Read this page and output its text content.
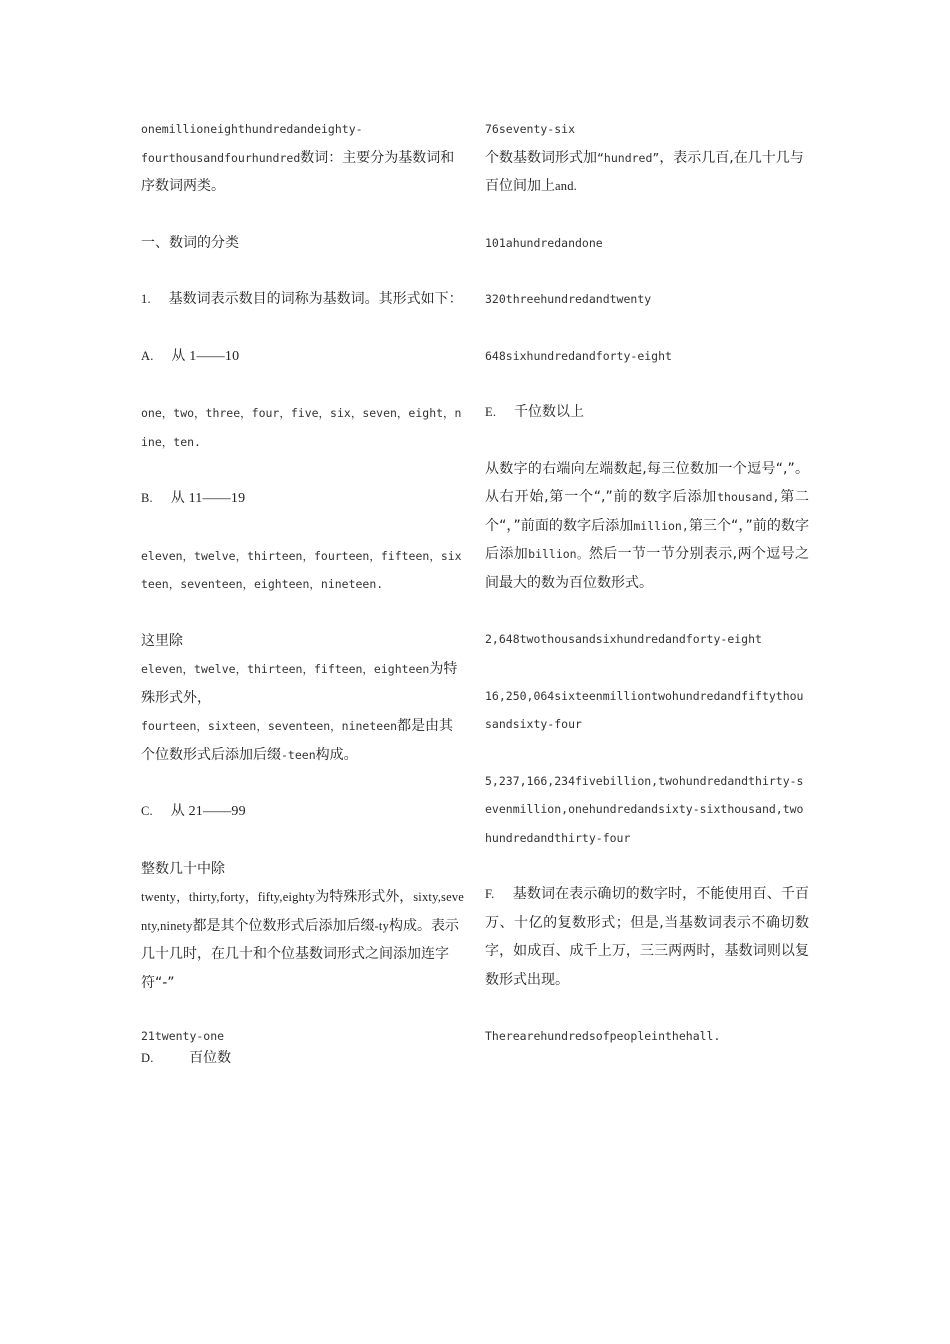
onemillioneighthundredandeighty-
fourthousandfourhundred数词：主要分为基数词和序数词两类。

一、数词的分类

1. 基数词表示数目的词称为基数词。其形式如下：

A. 从 1——10

one，two，three，four，five，six，seven，eight，nine，ten.

B. 从 11——19

eleven，twelve，thirteen，fourteen，fifteen，sixteen，seventeen，eighteen，nineteen.

这里除
eleven，twelve，thirteen，fifteen，eighteen为特殊形式外，
fourteen，sixteen，seventeen，nineteen都是由其个位数形式后添加后缀-teen构成。

C. 从 21——99

整数几十中除
twenty，thirty,forty，fifty,eighty为特殊形式外，sixty,seventy,ninety都是其个位数形式后添加后缀-ty构成。表示几十几时，在几十和个位基数词形式之间添加连字符“-”

21twenty-one

D.	百位数

76seventy-six
个数基数词形式加“hundred”，表示几百,在几十几与百位间加上and.

101ahundredandone

320threehundredandtwenty

648sixhundredandforty-eight

E. 千位数以上

从数字的右端向左端数起,每三位数加一个逗号“,”。从右开始,第一个“,”前的数字后添加thousand,第二个“，”前面的数字后添加million,第三个“，”前的数字后添加billion。然后一节一节分别表示,两个逗号之间最大的数为百位数形式。

2,648twothousandsixhundredandforty-eight

16,250,064sixteenmilliontwohundredandfiftythousandsixty-four

5,237,166,234fivebillion,twohundredandthirty-sevenmillion,onehundredandsixty-sixthousand,twohundredandthirty-four

F. 基数词在表示确切的数字时，不能使用百、千百万、十亿的复数形式；但是,当基数词表示不确切数字，如成百、成千上万，三三两两时，基数词则以复数形式出现。

Therearehundredsofpeopleinthehall.
